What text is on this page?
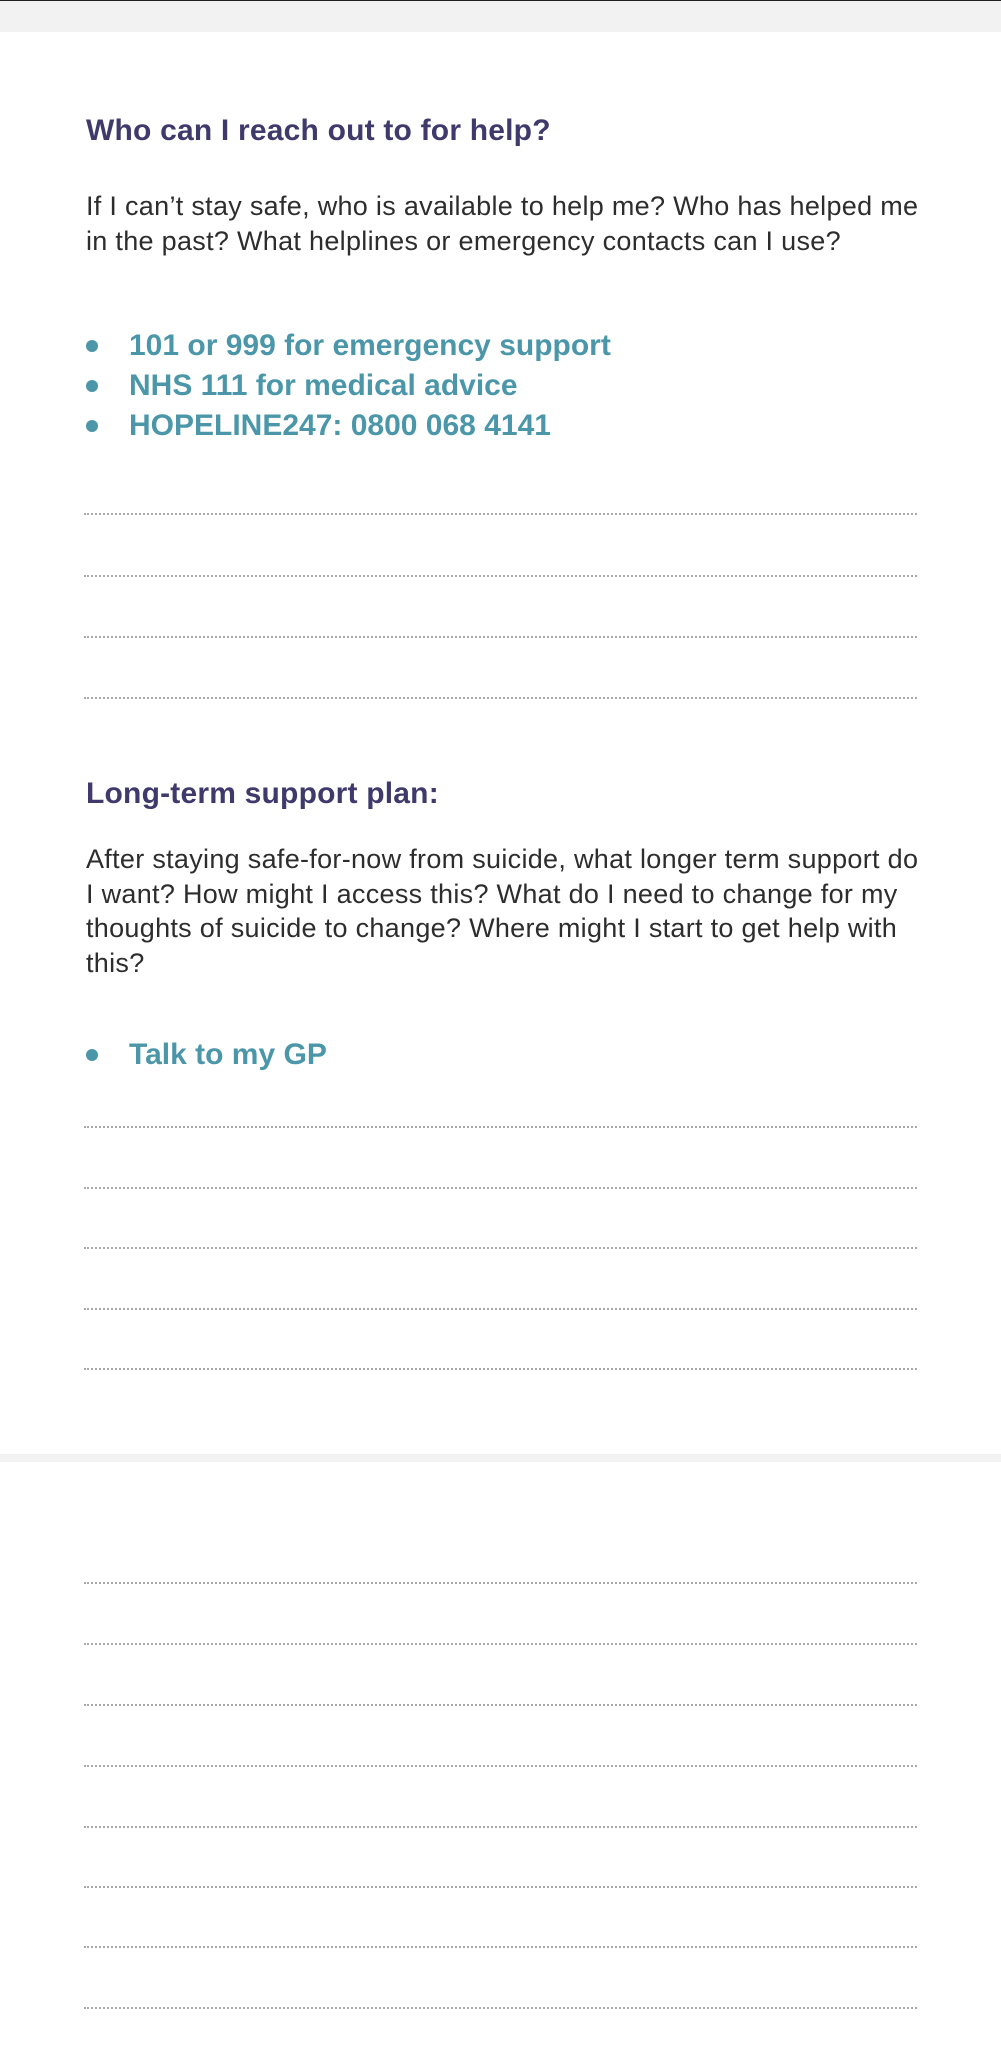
Who can I reach out to for help?

If I can’t stay safe, who is available to help me? Who has helped me in the past? What helplines or emergency contacts can I use?

101 or 999 for emergency support
NHS 111 for medical advice
HOPELINE247: 0800 068 4141
Long-term support plan:

After staying safe-for-now from suicide, what longer term support do I want? How might I access this? What do I need to change for my thoughts of suicide to change? Where might I start to get help with this?

Talk to my GP
